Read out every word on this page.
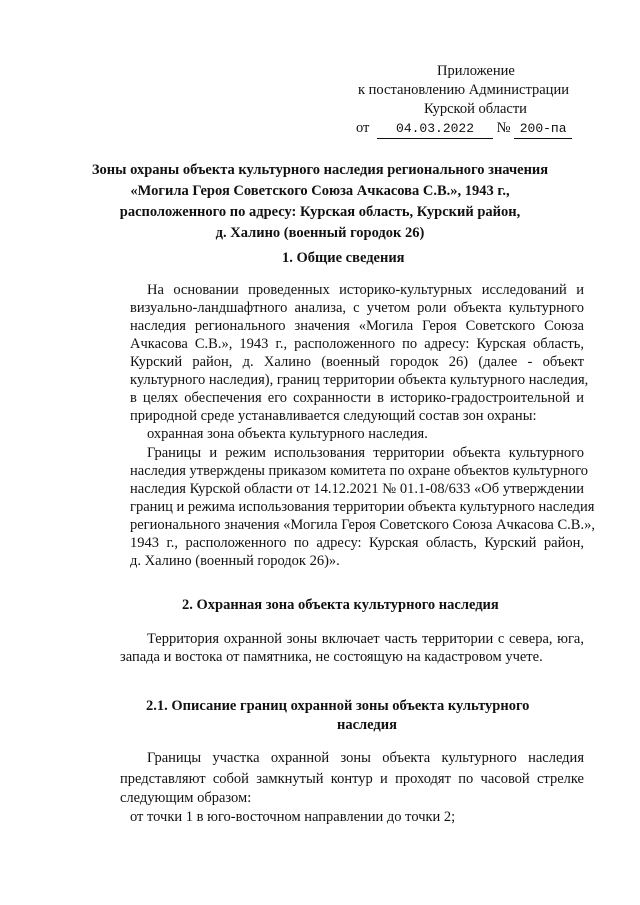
Приложение
к постановлению Администрации
Курской области
от 04.03.2022 № 200-па
Зоны охраны объекта культурного наследия регионального значения
«Могила Героя Советского Союза Ачкасова С.В.», 1943 г.,
расположенного по адресу: Курская область, Курский район,
д. Халино (военный городок 26)
1. Общие сведения
На основании проведенных историко-культурных исследований и
визуально-ландшафтного анализа, с учетом роли объекта культурного
наследия регионального значения «Могила Героя Советского Союза
Ачкасова С.В.», 1943 г., расположенного по адресу: Курская область,
Курский район, д. Халино (военный городок 26) (далее - объект
культурного наследия), границ территории объекта культурного наследия,
в целях обеспечения его сохранности в историко-градостроительной и
природной среде устанавливается следующий состав зон охраны:
охранная зона объекта культурного наследия.
Границы и режим использования территории объекта культурного
наследия утверждены приказом комитета по охране объектов культурного
наследия Курской области от 14.12.2021 № 01.1-08/633 «Об утверждении
границ и режима использования территории объекта культурного наследия
регионального значения «Могила Героя Советского Союза Ачкасова С.В.»,
1943 г., расположенного по адресу: Курская область, Курский район,
д. Халино (военный городок 26)».
2. Охранная зона объекта культурного наследия
Территория охранной зоны включает часть территории с севера, юга,
запада и востока от памятника, не состоящую на кадастровом учете.
2.1. Описание границ охранной зоны объекта культурного
наследия
Границы участка охранной зоны объекта культурного наследия
представляют собой замкнутый контур и проходят по часовой стрелке
следующим образом:
от точки 1 в юго-восточном направлении до точки 2;
